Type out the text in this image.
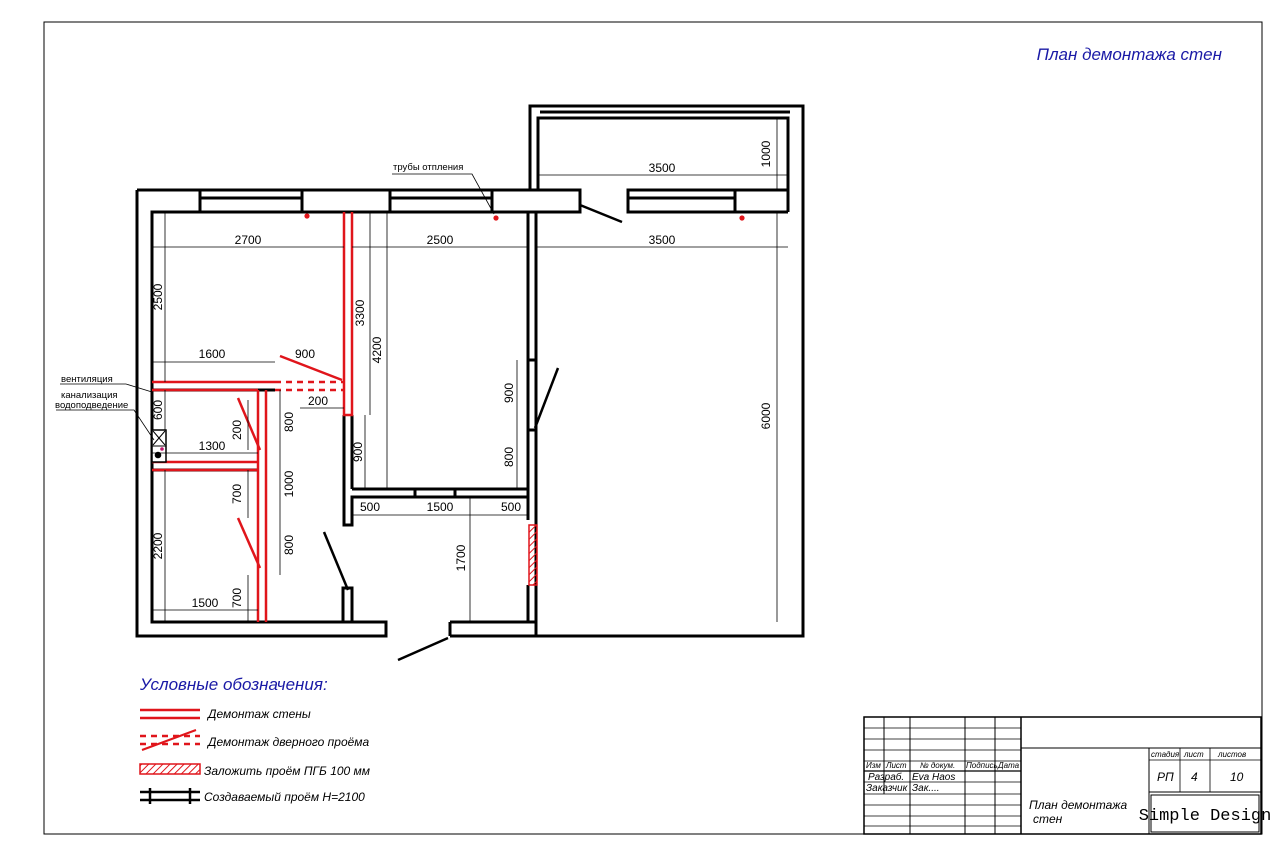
План демонтажа стен
2700	2500
3500
3500
1000
2500
3300
4200
1600	900
200
600
1300
200	800
900
900
800
6000
1000
700
800
700
500	1500	500
1700
2200
1500
трубы отпления
вентиляция
канализация
водоподведение
Условные обозначения:
Демонтаж стены
Демонтаж дверного проёма
Заложить проём ПГБ 100 мм
Создаваемый проём Н=2100
Изм Лист № докум. Подпись Дата
Разраб. Eva Haos
Заказчик Зак....
стадия лист листов
РП 4	10
План демонтажа
стен	Simple Design
